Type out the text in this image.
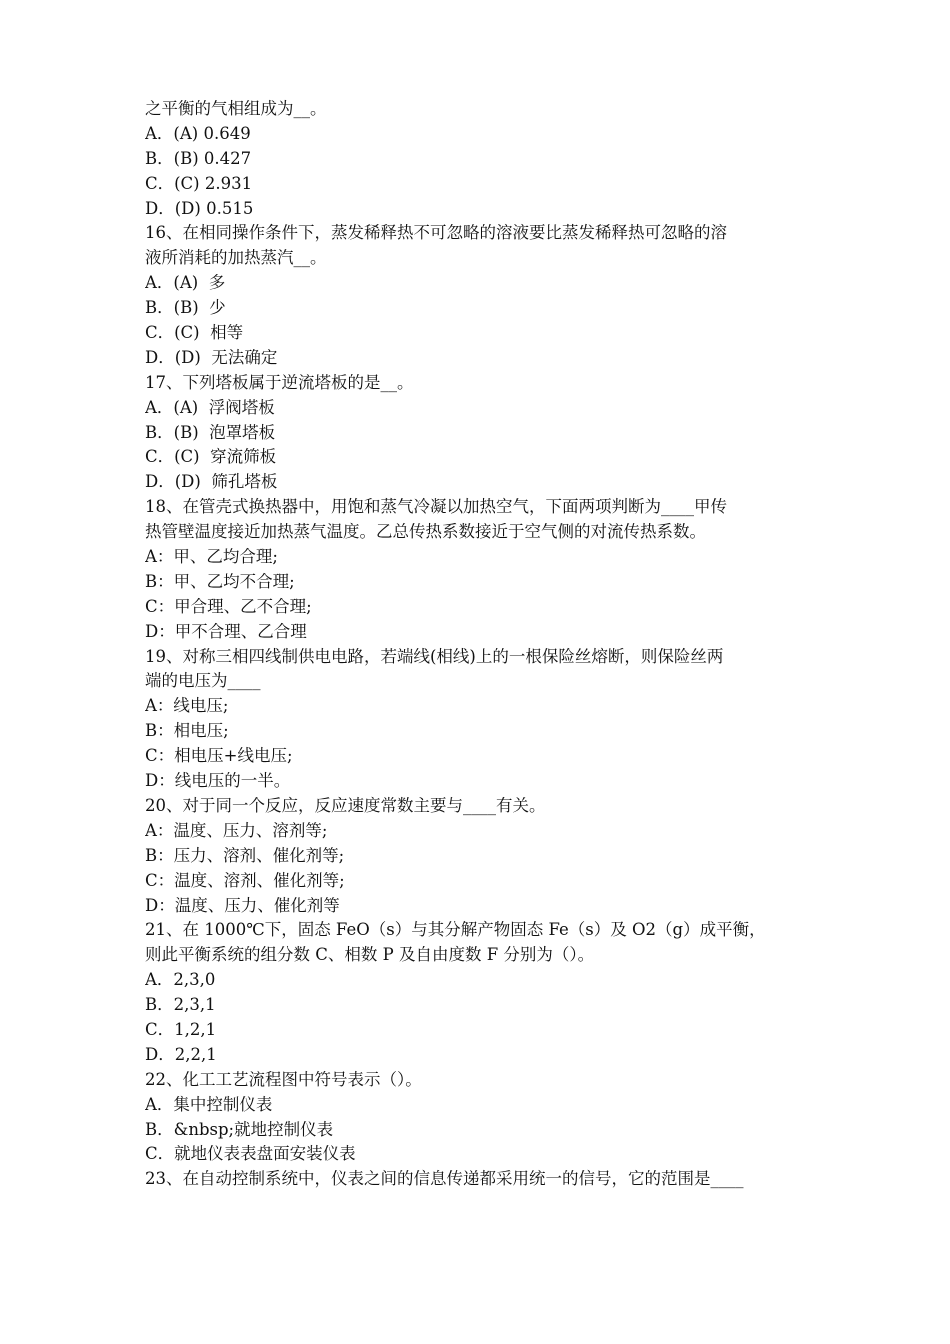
之平衡的气相组成为__。
A．(A) 0.649
B．(B) 0.427
C．(C) 2.931
D．(D) 0.515
16、在相同操作条件下，蒸发稀释热不可忽略的溶液要比蒸发稀释热可忽略的溶
液所消耗的加热蒸汽__。
A．(A)  多
B．(B)  少
C．(C)  相等
D．(D)  无法确定
17、下列塔板属于逆流塔板的是__。
A．(A)  浮阀塔板
B．(B)  泡罩塔板
C．(C)  穿流筛板
D．(D)  筛孔塔板
18、在管壳式换热器中，用饱和蒸气冷凝以加热空气，下面两项判断为____甲传
热管壁温度接近加热蒸气温度。乙总传热系数接近于空气侧的对流传热系数。
A：甲、乙均合理;
B：甲、乙均不合理;
C：甲合理、乙不合理;
D：甲不合理、乙合理
19、对称三相四线制供电电路，若端线(相线)上的一根保险丝熔断，则保险丝两
端的电压为____
A：线电压;
B：相电压;
C：相电压+线电压;
D：线电压的一半。
20、对于同一个反应，反应速度常数主要与____有关。
A：温度、压力、溶剂等;
B：压力、溶剂、催化剂等;
C：温度、溶剂、催化剂等;
D：温度、压力、催化剂等
21、在 1000℃下，固态 FeO（s）与其分解产物固态 Fe（s）及 O2（g）成平衡，
则此平衡系统的组分数 C、相数 P 及自由度数 F 分别为（）。
A．2,3,0
B．2,3,1
C．1,2,1
D．2,2,1
22、化工工艺流程图中符号表示（）。
A．集中控制仪表
B．&nbsp;就地控制仪表
C．就地仪表表盘面安装仪表
23、在自动控制系统中，仪表之间的信息传递都采用统一的信号，它的范围是____
